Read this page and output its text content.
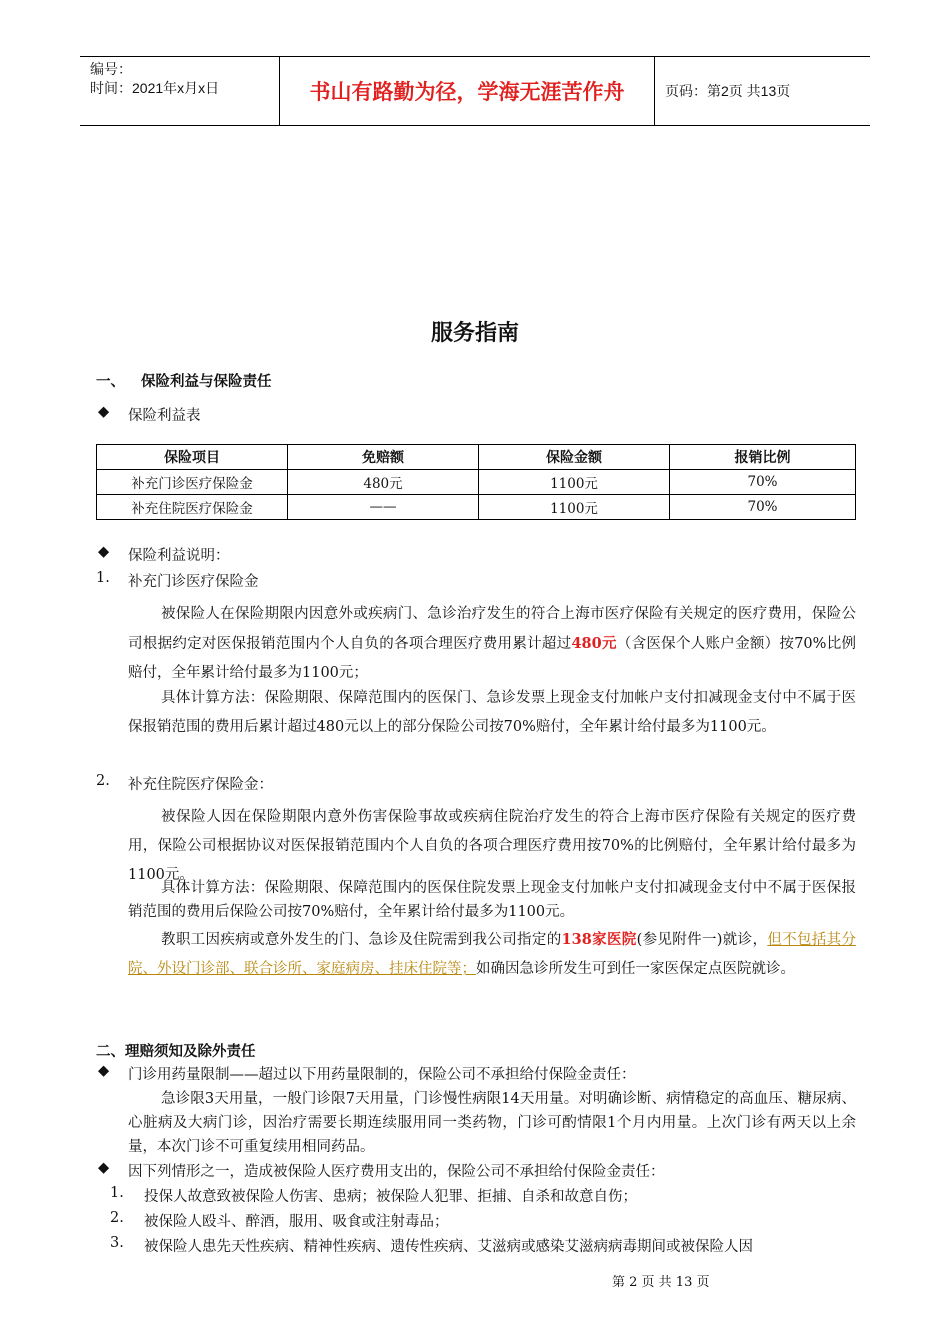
编号：
时间：2021年x月x日	书山有路勤为径，学海无涯苦作舟	页码：第2页 共13页
服务指南
一、 保险利益与保险责任
◆ 保险利益表
保险项目	免赔额	保险金额	报销比例
补充门诊医疗保险金	480元	1100元	70%
补充住院医疗保险金	——	1100元	70%
◆ 保险利益说明：
1. 补充门诊医疗保险金
被保险人在保险期限内因意外或疾病门、急诊治疗发生的符合上海市医疗保险有关规定的医疗费用，保险公司根据约定对医保报销范围内个人自负的各项合理医疗费用累计超过480元（含医保个人账户金额）按70%比例赔付，全年累计给付最多为1100元；
具体计算方法：保险期限、保障范围内的医保门、急诊发票上现金支付加帐户支付扣减现金支付中不属于医保报销范围的费用后累计超过480元以上的部分保险公司按70%赔付，全年累计给付最多为1100元。
2. 补充住院医疗保险金：
被保险人因在保险期限内意外伤害保险事故或疾病住院治疗发生的符合上海市医疗保险有关规定的医疗费用，保险公司根据协议对医保报销范围内个人自负的各项合理医疗费用按70%的比例赔付，全年累计给付最多为1100元。
具体计算方法：保险期限、保障范围内的医保住院发票上现金支付加帐户支付扣减现金支付中不属于医保报销范围的费用后保险公司按70%赔付，全年累计给付最多为1100元。
教职工因疾病或意外发生的门、急诊及住院需到我公司指定的138家医院(参见附件一)就诊，但不包括其分院、外设门诊部、联合诊所、家庭病房、挂床住院等；如确因急诊所发生可到任一家医保定点医院就诊。
二、理赔须知及除外责任
◆ 门诊用药量限制——超过以下用药量限制的，保险公司不承担给付保险金责任：
急诊限3天用量，一般门诊限7天用量，门诊慢性病限14天用量。对明确诊断、病情稳定的高血压、糖尿病、心脏病及大病门诊，因治疗需要长期连续服用同一类药物，门诊可酌情限1个月内用量。上次门诊有两天以上余量，本次门诊不可重复续用相同药品。
◆ 因下列情形之一，造成被保险人医疗费用支出的，保险公司不承担给付保险金责任：
1. 投保人故意致被保险人伤害、患病；被保险人犯罪、拒捕、自杀和故意自伤；
2. 被保险人殴斗、醉酒，服用、吸食或注射毒品；
3. 被保险人患先天性疾病、精神性疾病、遗传性疾病、艾滋病或感染艾滋病病毒期间或被保险人因
第 2 页 共 13 页
